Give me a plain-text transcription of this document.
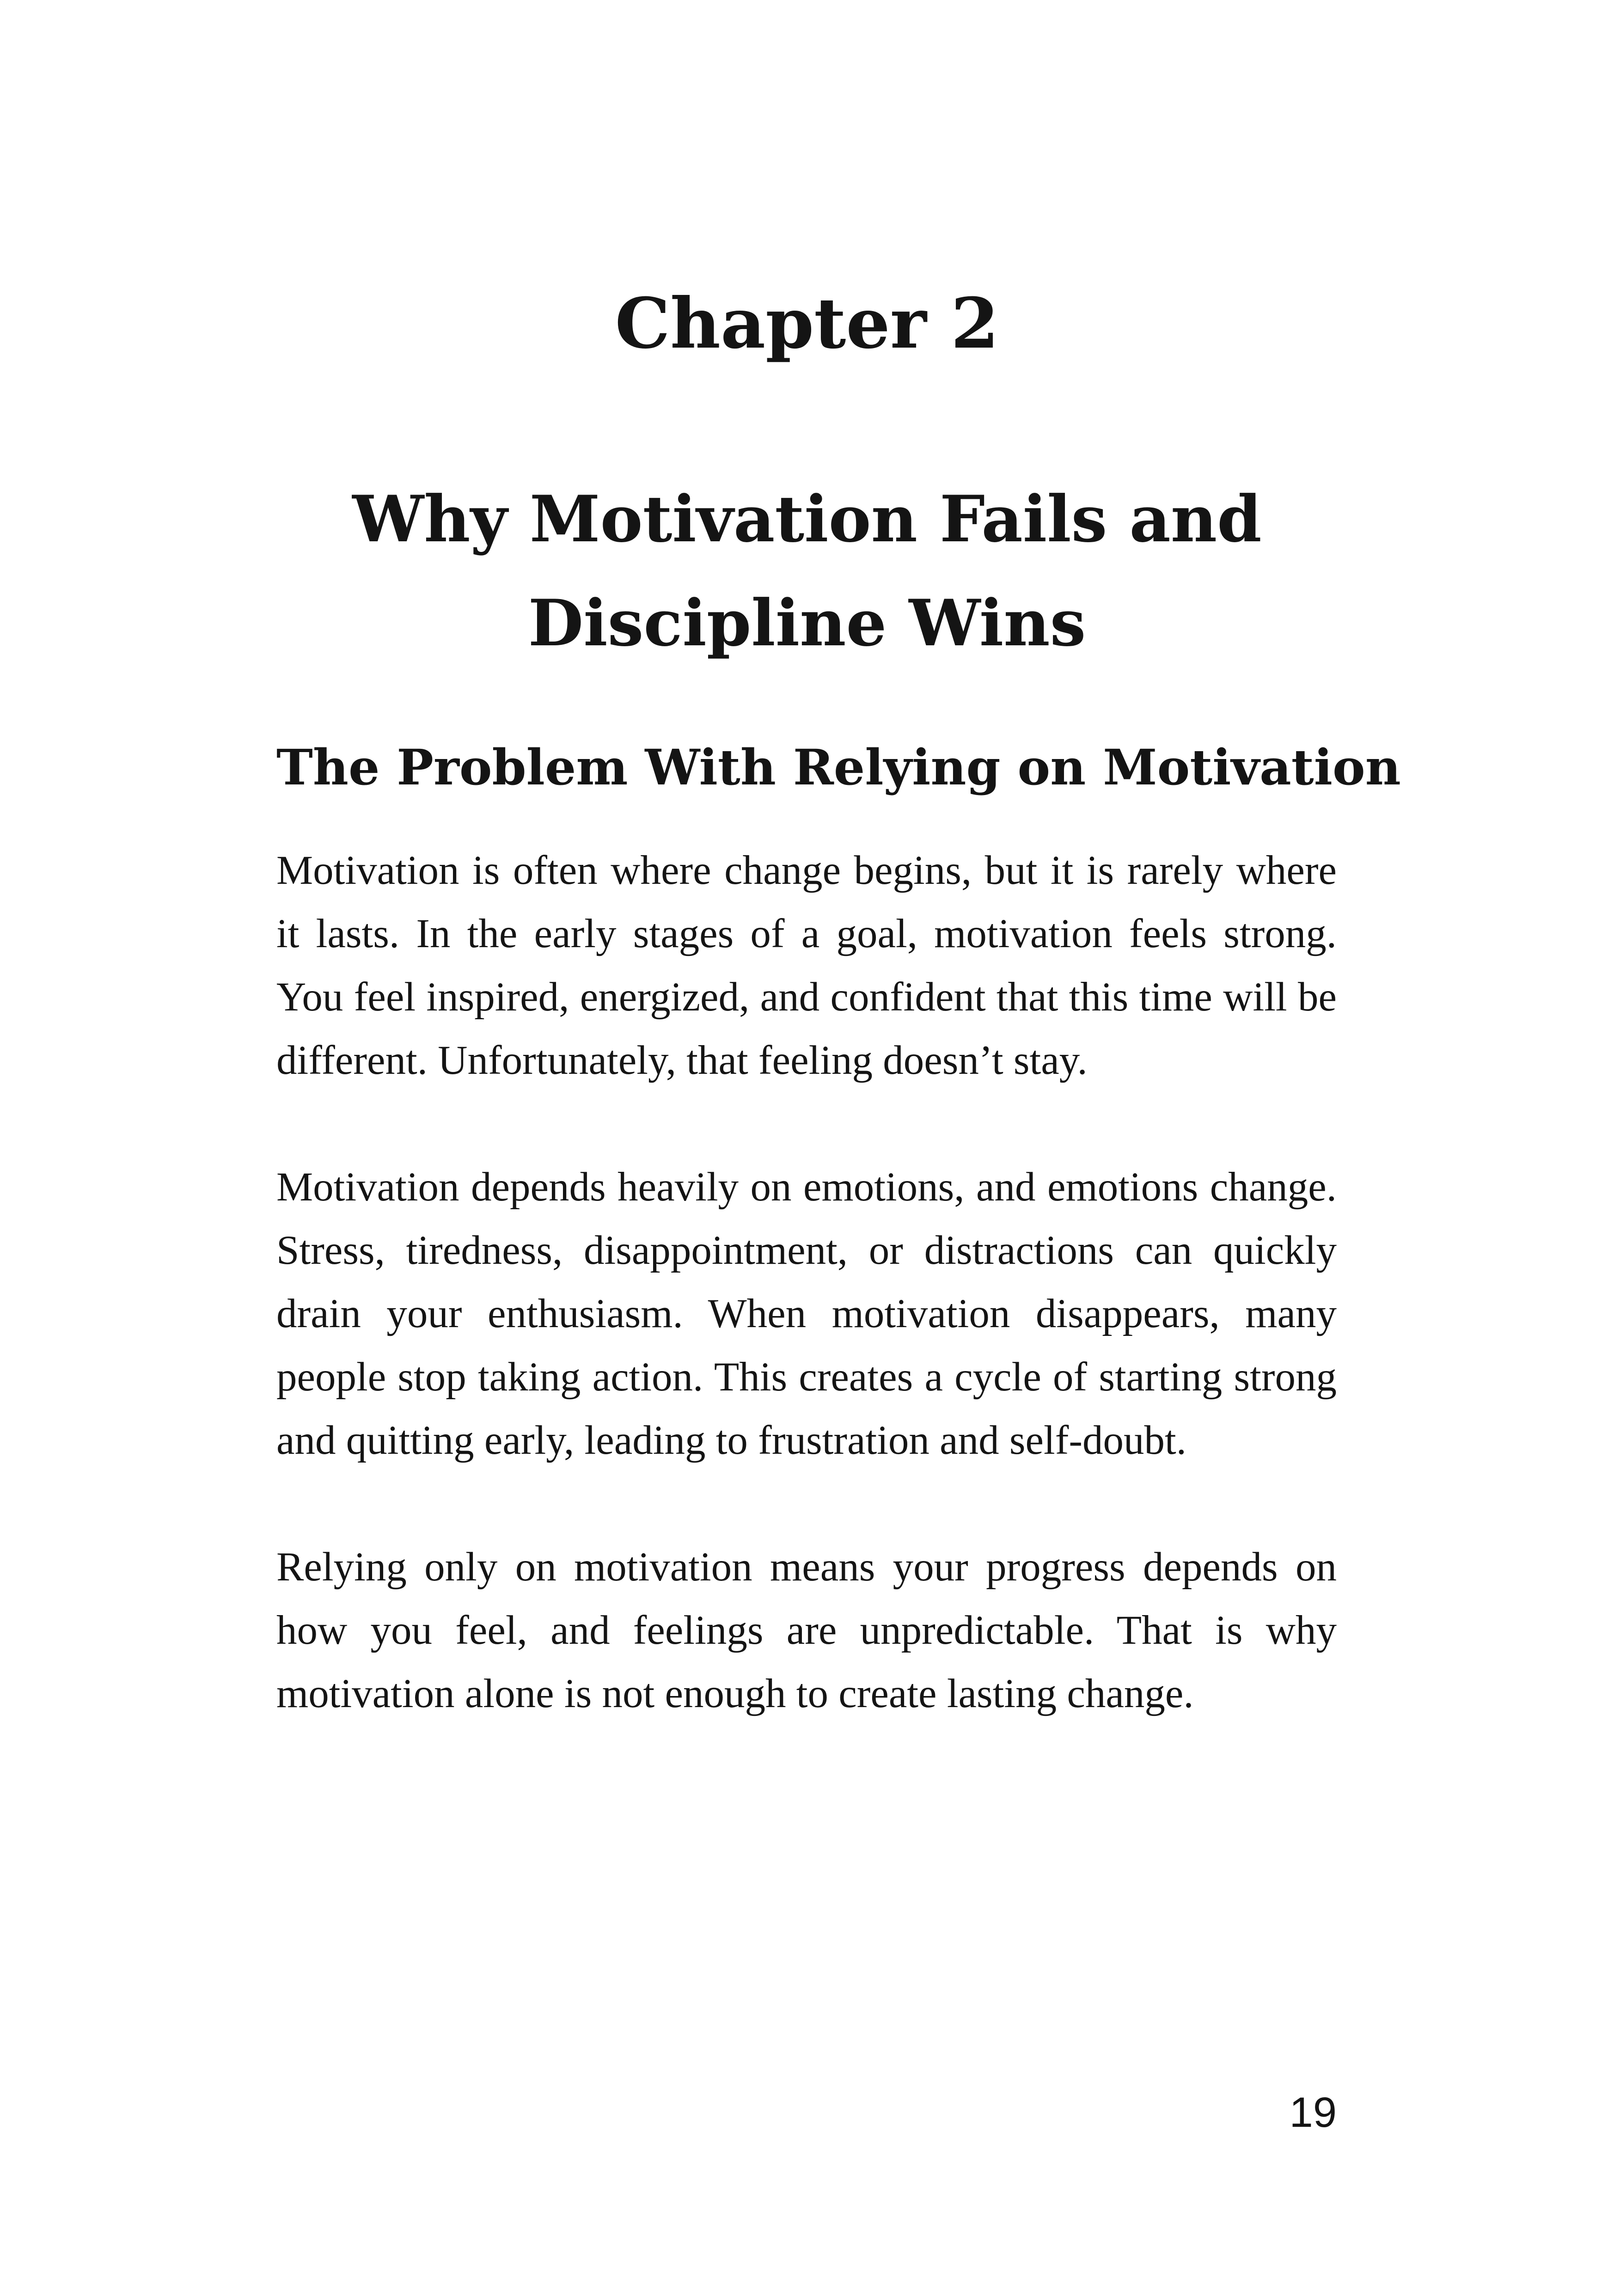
Chapter 2
Why Motivation Fails and
Discipline Wins
The Problem With Relying on Motivation

Motivation is often where change begins, but it is rarely where it lasts. In the early stages of a goal, motivation feels strong. You feel inspired, energized, and confident that this time will be different. Unfortunately, that feeling doesn’t stay.

Motivation depends heavily on emotions, and emotions change. Stress, tiredness, disappointment, or distractions can quickly drain your enthusiasm. When motivation disappears, many people stop taking action. This creates a cycle of starting strong and quitting early, leading to frustration and self-doubt.

Relying only on motivation means your progress depends on how you feel, and feelings are unpredictable. That is why motivation alone is not enough to create lasting change.

19
